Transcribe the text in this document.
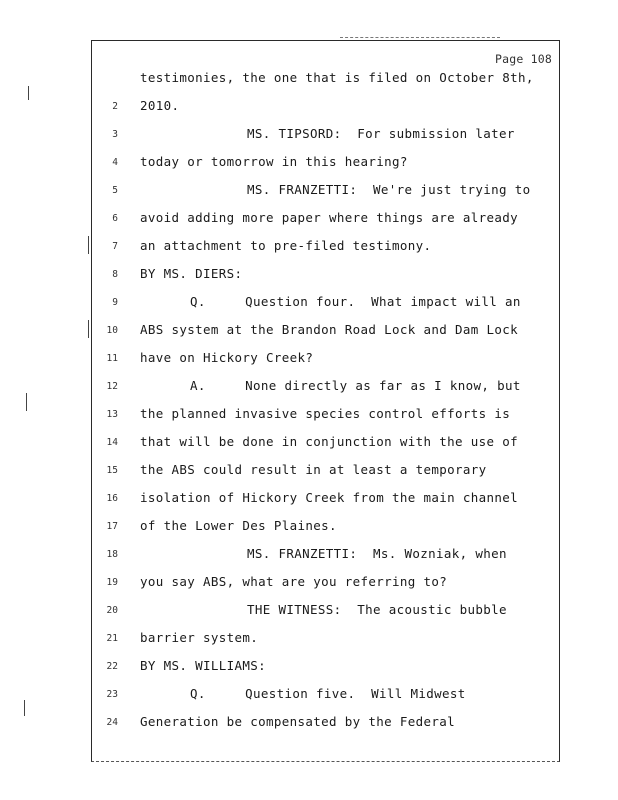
Page 108
testimonies, the one that is filed on October 8th,
2 2010.
3	MS. TIPSORD:  For submission later
4 today or tomorrow in this hearing?
5	MS. FRANZETTI:  We're just trying to
6 avoid adding more paper where things are already
7 an attachment to pre-filed testimony.
8 BY MS. DIERS:
9	Q.     Question four.  What impact will an
10 ABS system at the Brandon Road Lock and Dam Lock
11 have on Hickory Creek?
12	A.     None directly as far as I know, but
13 the planned invasive species control efforts is
14 that will be done in conjunction with the use of
15 the ABS could result in at least a temporary
16 isolation of Hickory Creek from the main channel
17 of the Lower Des Plaines.
18	MS. FRANZETTI:  Ms. Wozniak, when
19 you say ABS, what are you referring to?
20	THE WITNESS:  The acoustic bubble
21 barrier system.
22 BY MS. WILLIAMS:
23	Q.     Question five.  Will Midwest
24 Generation be compensated by the Federal
